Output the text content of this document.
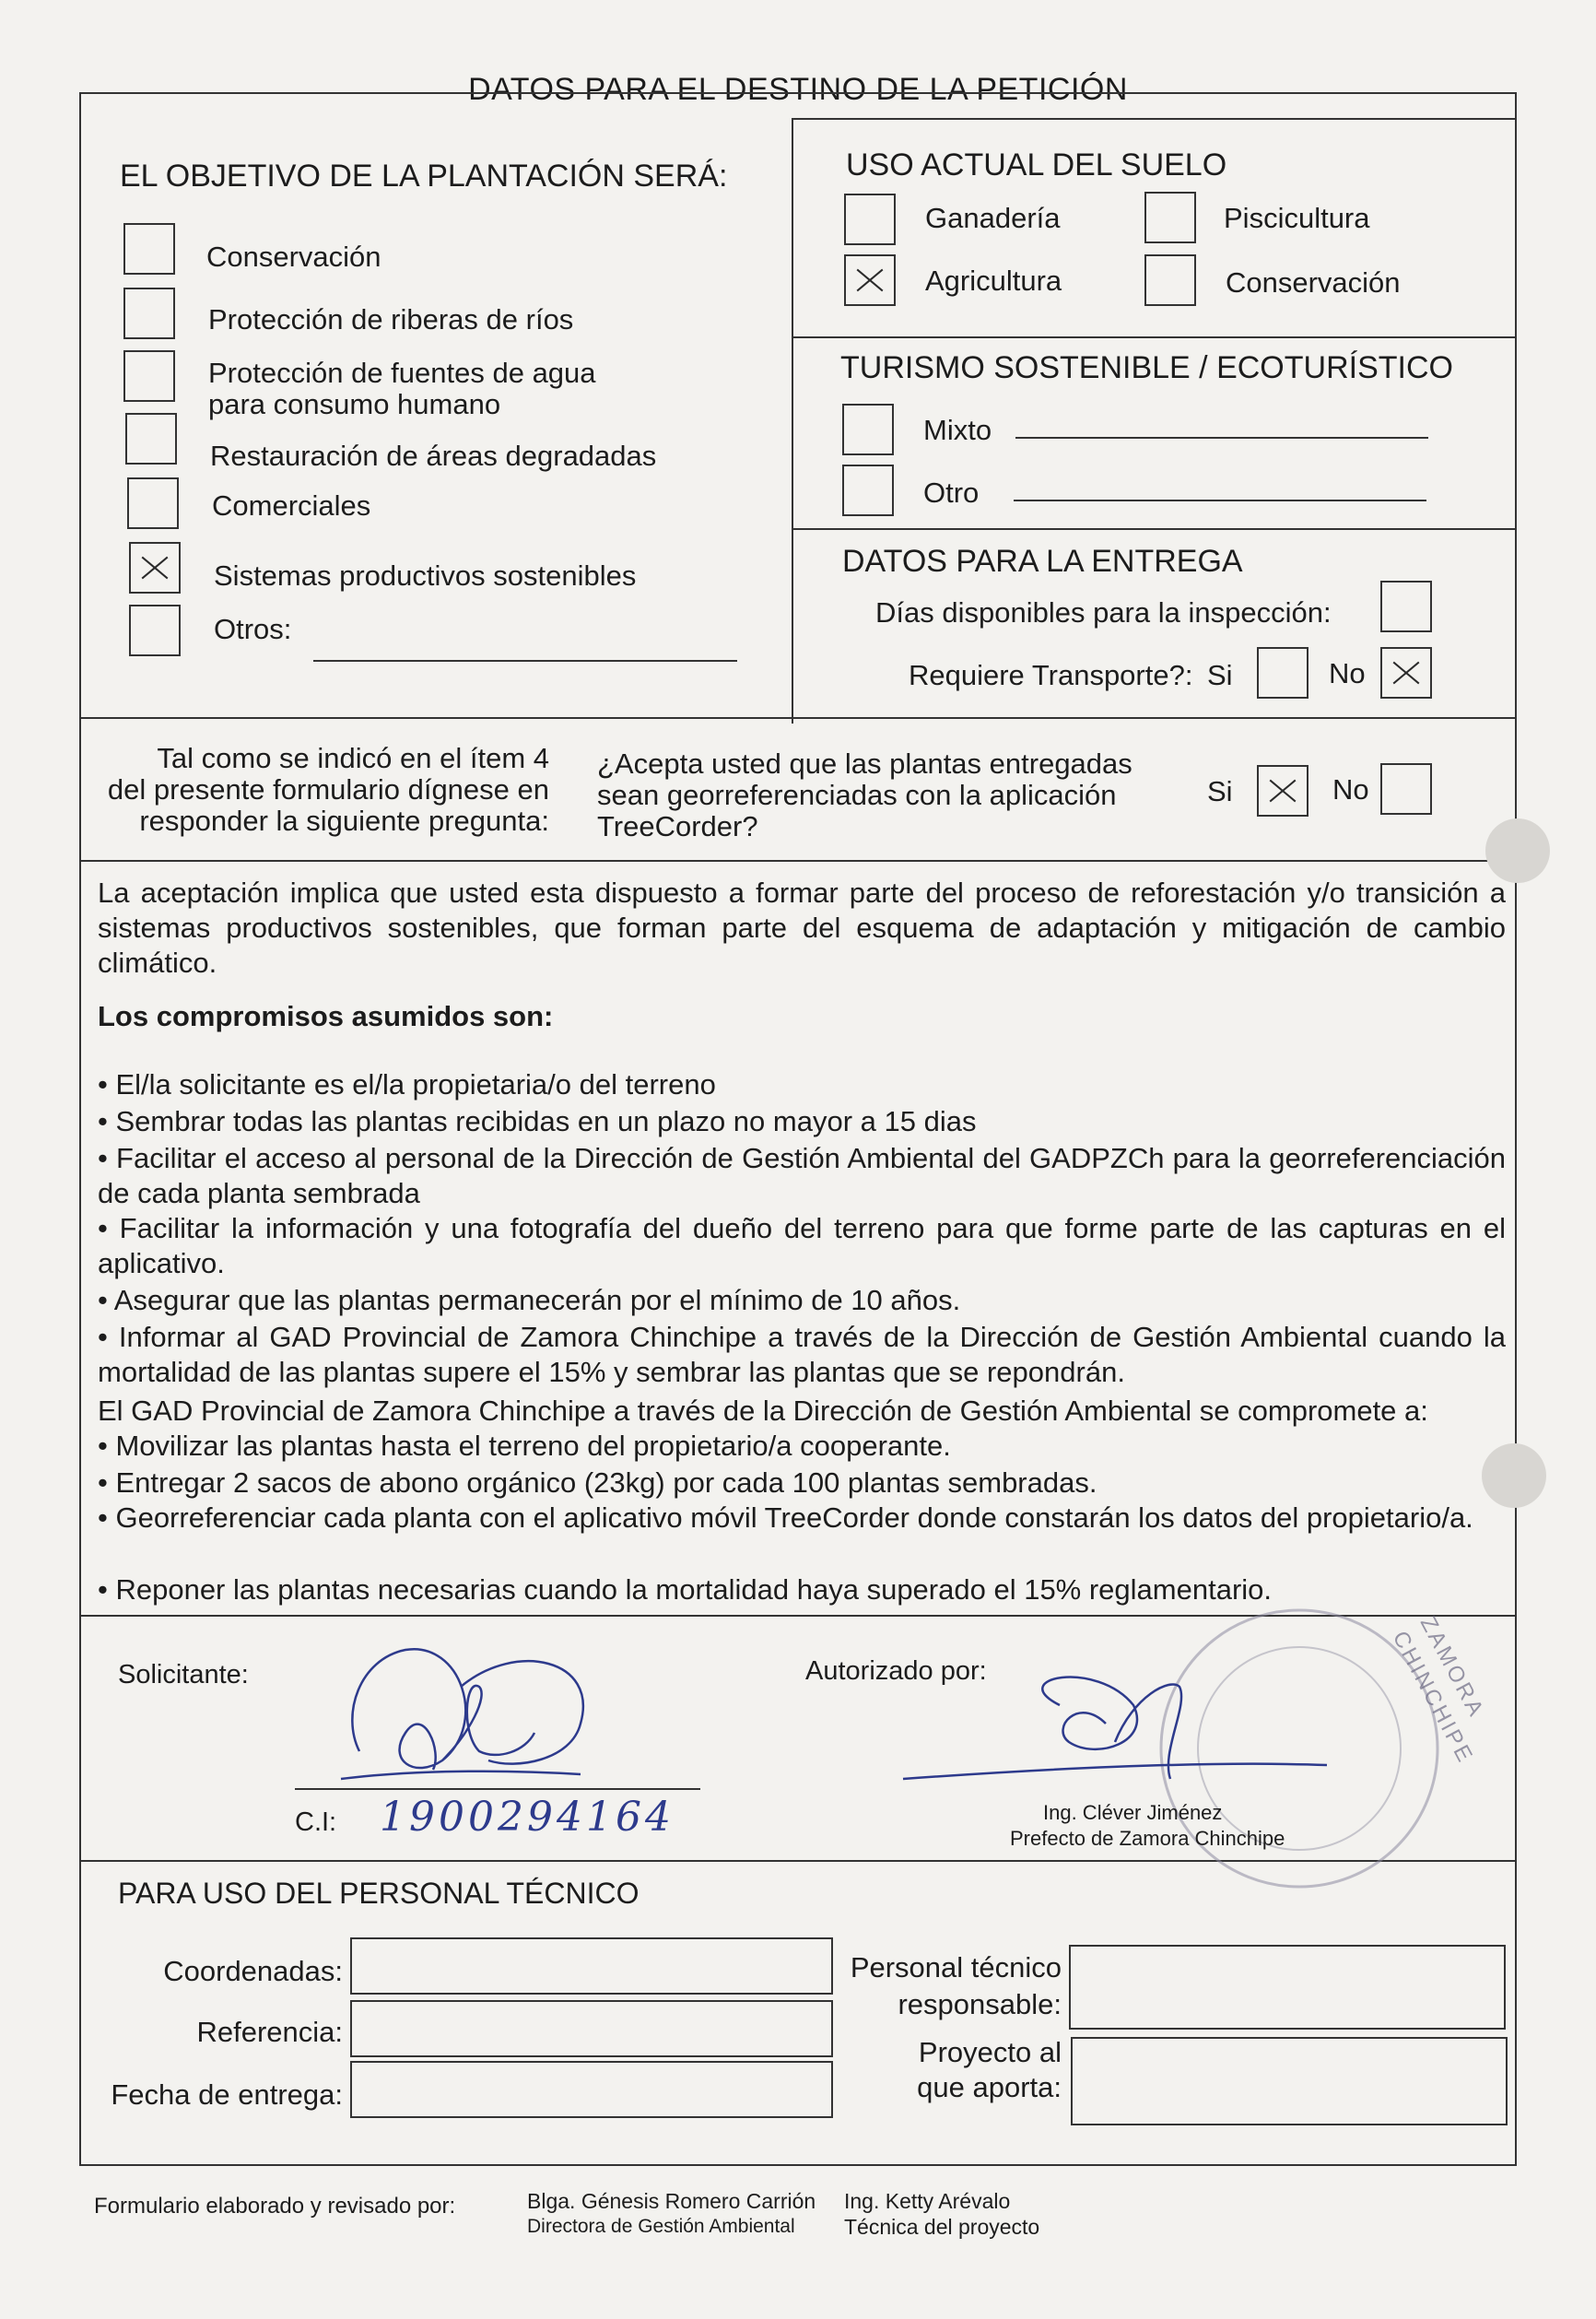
DATOS PARA EL DESTINO DE LA PETICIÓN
EL OBJETIVO DE LA PLANTACIÓN SERÁ:
Conservación
Protección de riberas de ríos
Protección de fuentes de agua
para consumo humano
Restauración de áreas degradadas
Comerciales
Sistemas productivos sostenibles
Otros:
USO ACTUAL DEL SUELO
Ganadería	Piscicultura
Agricultura	Conservación
TURISMO SOSTENIBLE / ECOTURÍSTICO
Mixto
Otro
DATOS PARA LA ENTREGA
Días disponibles para la inspección:
Requiere Transporte?: Si	No
Tal como se indicó en el ítem 4
del presente formulario dígnese en
responder la siguiente pregunta:
¿Acepta usted que las plantas entregadas
sean georreferenciadas con la aplicación
TreeCorder?
Si	No
La aceptación implica que usted esta dispuesto a formar parte del proceso de reforestación y/o transición a sistemas productivos sostenibles, que forman parte del esquema de adaptación y mitigación de cambio climático.
Los compromisos asumidos son:
• El/la solicitante es el/la propietaria/o del terreno
• Sembrar todas las plantas recibidas en un plazo no mayor a 15 dias
• Facilitar el acceso al personal de la Dirección de Gestión Ambiental del GADPZCh para la georreferenciación de cada planta sembrada
• Facilitar la información y una fotografía del dueño del terreno para que forme parte de las capturas en el aplicativo.
• Asegurar que las plantas permanecerán por el mínimo de 10 años.
• Informar al GAD Provincial de Zamora Chinchipe a través de la Dirección de Gestión Ambiental cuando la mortalidad de las plantas supere el 15% y sembrar las plantas que se repondrán.
El GAD Provincial de Zamora Chinchipe a través de la Dirección de Gestión Ambiental se compromete a:
• Movilizar las plantas hasta el terreno del propietario/a cooperante.
• Entregar 2 sacos de abono orgánico (23kg) por cada 100 plantas sembradas.
• Georreferenciar cada planta con el aplicativo móvil TreeCorder donde constarán los datos del propietario/a.
• Reponer las plantas necesarias cuando la mortalidad haya superado el 15% reglamentario.
Solicitante:
C.I: 1900294164
Autorizado por:	ZAMORA CHINCHIPE
Ing. Cléver Jiménez
Prefecto de Zamora Chinchipe
PARA USO DEL PERSONAL TÉCNICO
Coordenadas:
Referencia:
Fecha de entrega:
Personal técnico
responsable:
Proyecto al
que aporta:
Formulario elaborado y revisado por:	Blga. Génesis Romero Carrión
Directora de Gestión Ambiental
Ing. Ketty Arévalo
Técnica del proyecto
